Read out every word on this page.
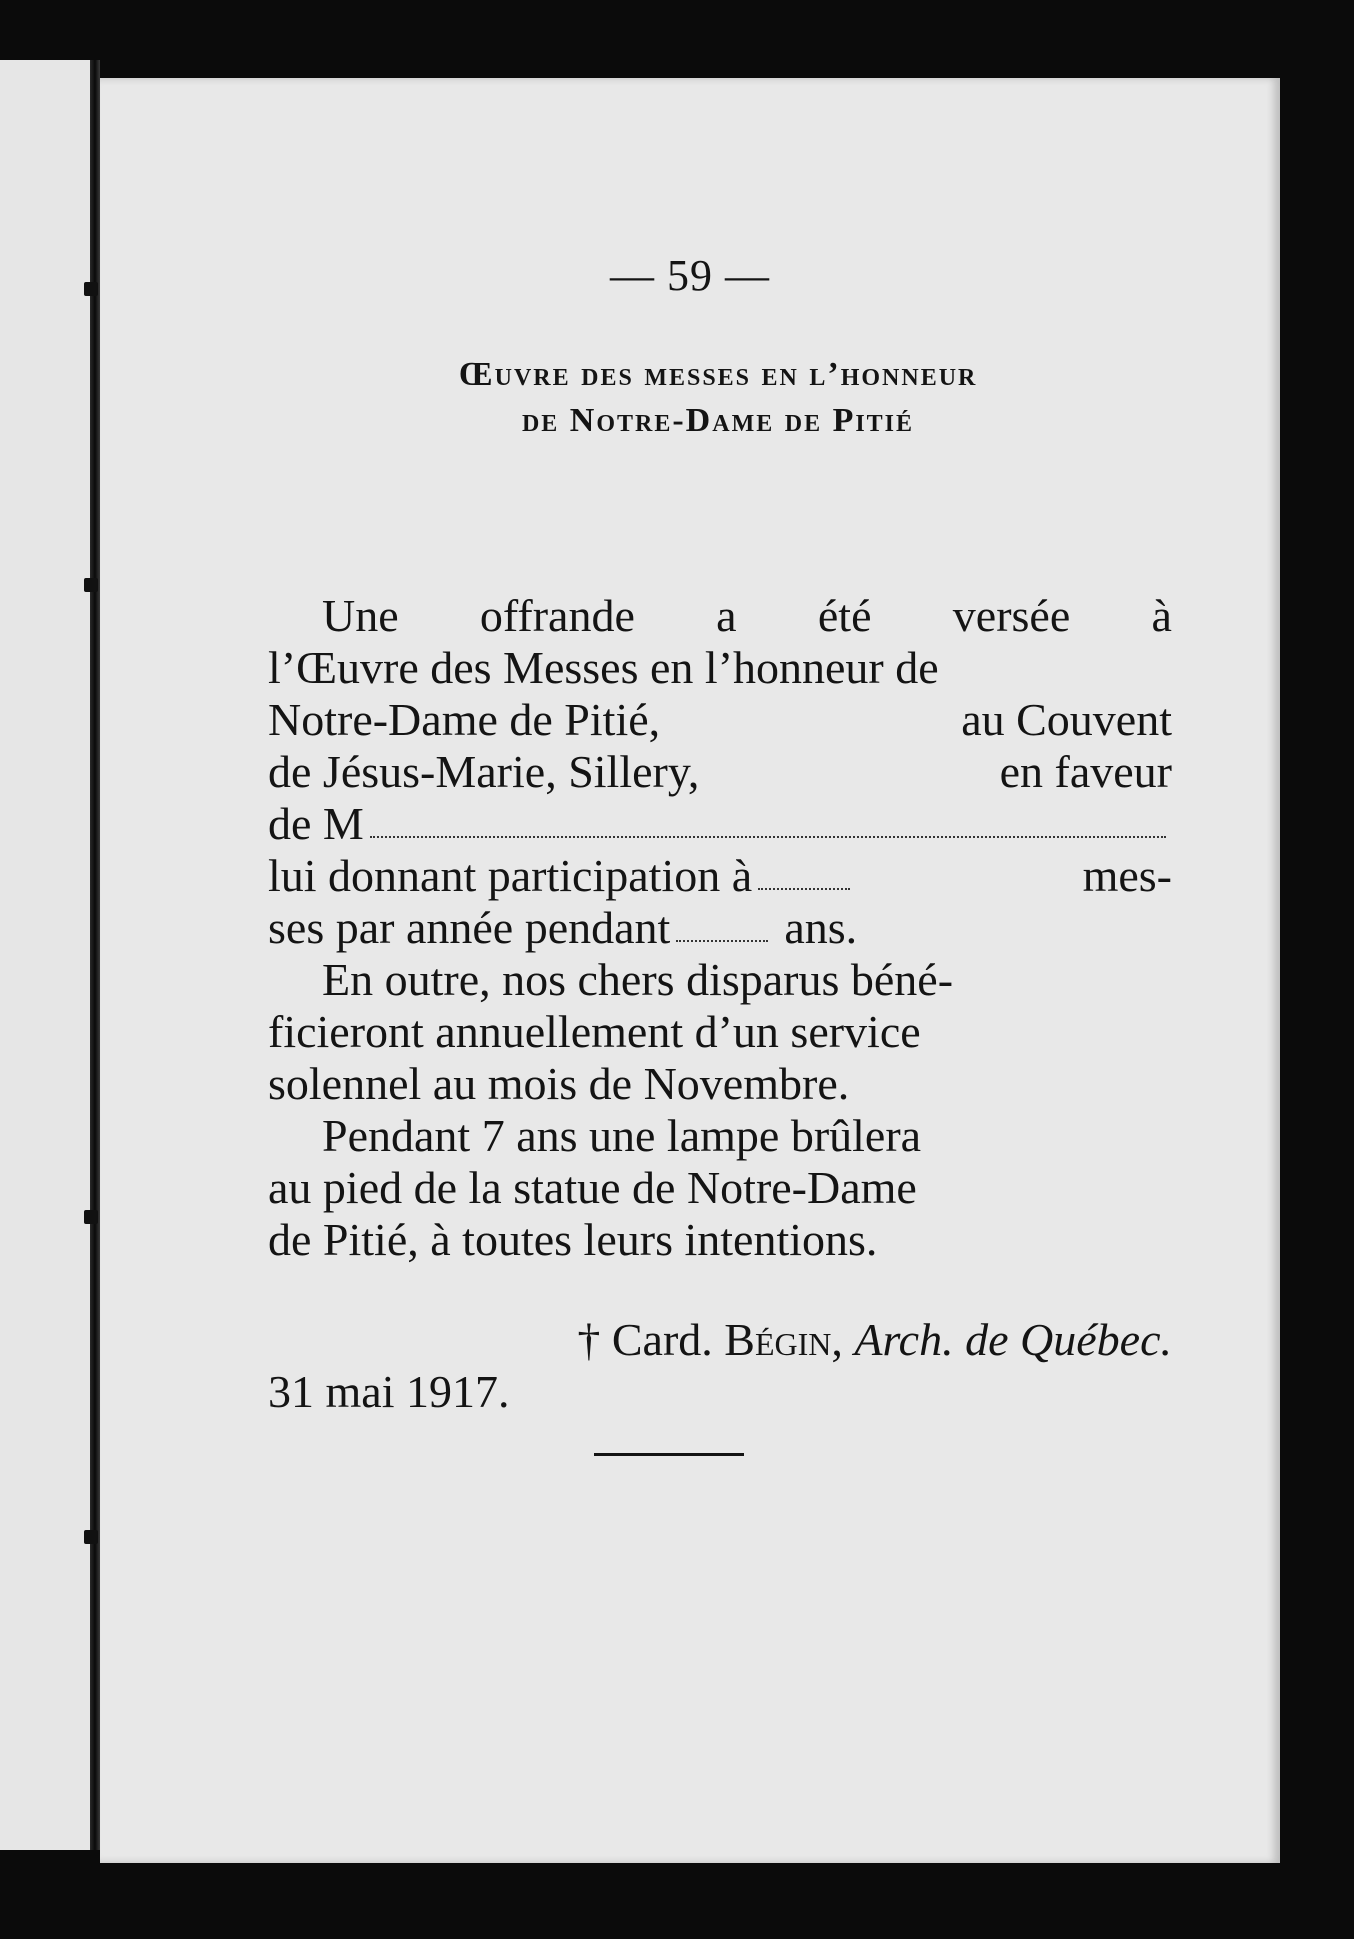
— 59 —
Œuvre des messes en l’honneur
de Notre-Dame de Pitié
Une offrande a été versée à
l’Œuvre des Messes en l’honneur de
Notre-Dame de Pitié,	au Couvent
de Jésus-Marie, Sillery,	en faveur
de M
lui donnant participation à	mes-
ses par année pendant ans.
En outre, nos chers disparus béné-
ficieront annuellement d’un service
solennel au mois de Novembre.
Pendant 7 ans une lampe brûlera
au pied de la statue de Notre-Dame
de Pitié, à toutes leurs intentions.
† Card.
Bégin,
Arch. de Québec.
31 mai 1917.
